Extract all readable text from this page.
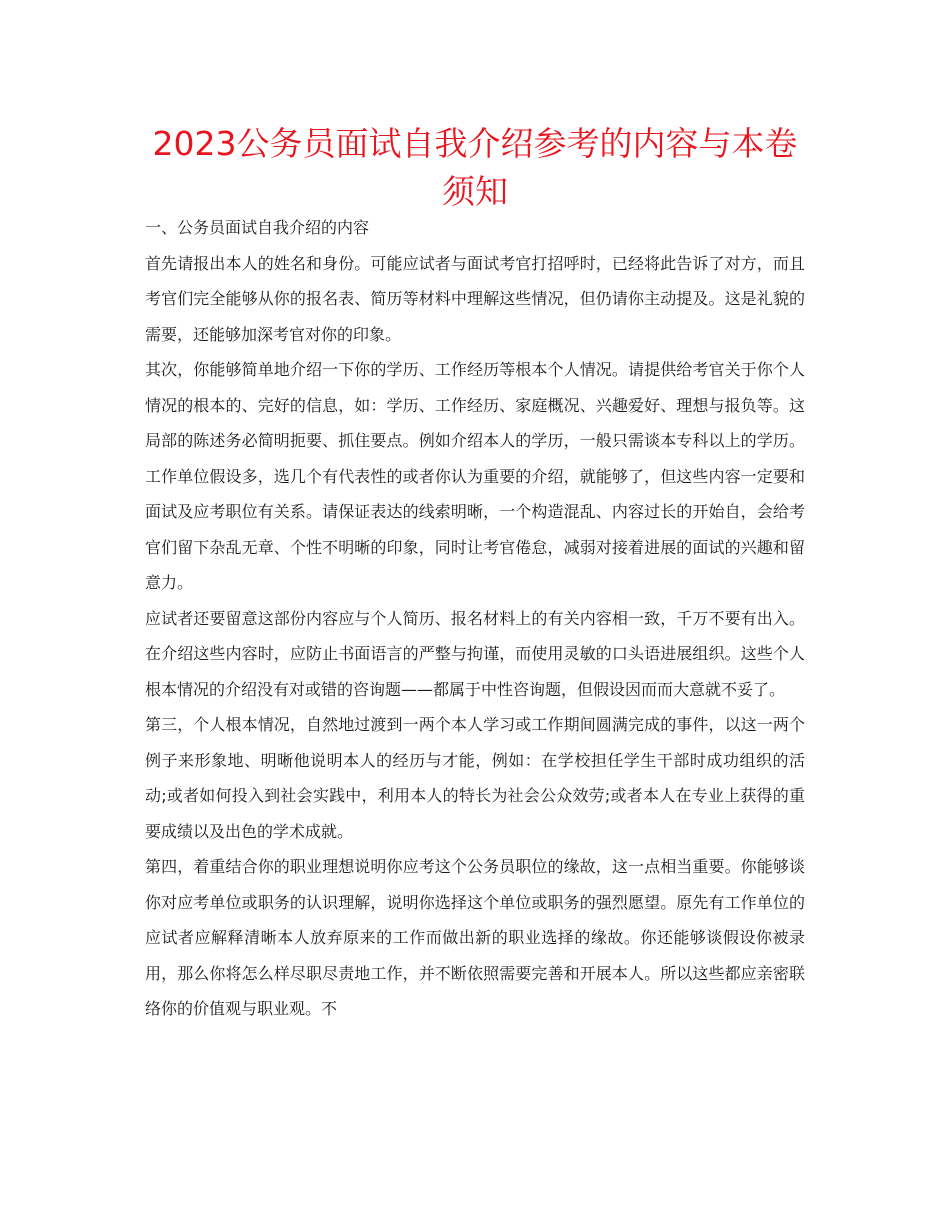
2023公务员面试自我介绍参考的内容与本卷须知

一、公务员面试自我介绍的内容

首先请报出本人的姓名和身份。可能应试者与面试考官打招呼时，已经将此告诉了对方，而且考官们完全能够从你的报名表、简历等材料中理解这些情况，但仍请你主动提及。这是礼貌的需要，还能够加深考官对你的印象。

其次，你能够简单地介绍一下你的学历、工作经历等根本个人情况。请提供给考官关于你个人情况的根本的、完好的信息，如：学历、工作经历、家庭概况、兴趣爱好、理想与报负等。这局部的陈述务必简明扼要、抓住要点。例如介绍本人的学历，一般只需谈本专科以上的学历。工作单位假设多，选几个有代表性的或者你认为重要的介绍，就能够了，但这些内容一定要和面试及应考职位有关系。请保证表达的线索明晰，一个构造混乱、内容过长的开始自，会给考官们留下杂乱无章、个性不明晰的印象，同时让考官倦怠，减弱对接着进展的面试的兴趣和留意力。

应试者还要留意这部份内容应与个人简历、报名材料上的有关内容相一致，千万不要有出入。在介绍这些内容时，应防止书面语言的严整与拘谨，而使用灵敏的口头语进展组织。这些个人根本情况的介绍没有对或错的咨询题——都属于中性咨询题，但假设因而而大意就不妥了。

第三，个人根本情况，自然地过渡到一两个本人学习或工作期间圆满完成的事件，以这一两个例子来形象地、明晰他说明本人的经历与才能，例如：在学校担任学生干部时成功组织的活动;或者如何投入到社会实践中，利用本人的特长为社会公众效劳;或者本人在专业上获得的重要成绩以及出色的学术成就。

第四，着重结合你的职业理想说明你应考这个公务员职位的缘故，这一点相当重要。你能够谈你对应考单位或职务的认识理解，说明你选择这个单位或职务的强烈愿望。原先有工作单位的应试者应解释清晰本人放弃原来的工作而做出新的职业选择的缘故。你还能够谈假设你被录用，那么你将怎么样尽职尽责地工作，并不断依照需要完善和开展本人。所以这些都应亲密联络你的价值观与职业观。不
